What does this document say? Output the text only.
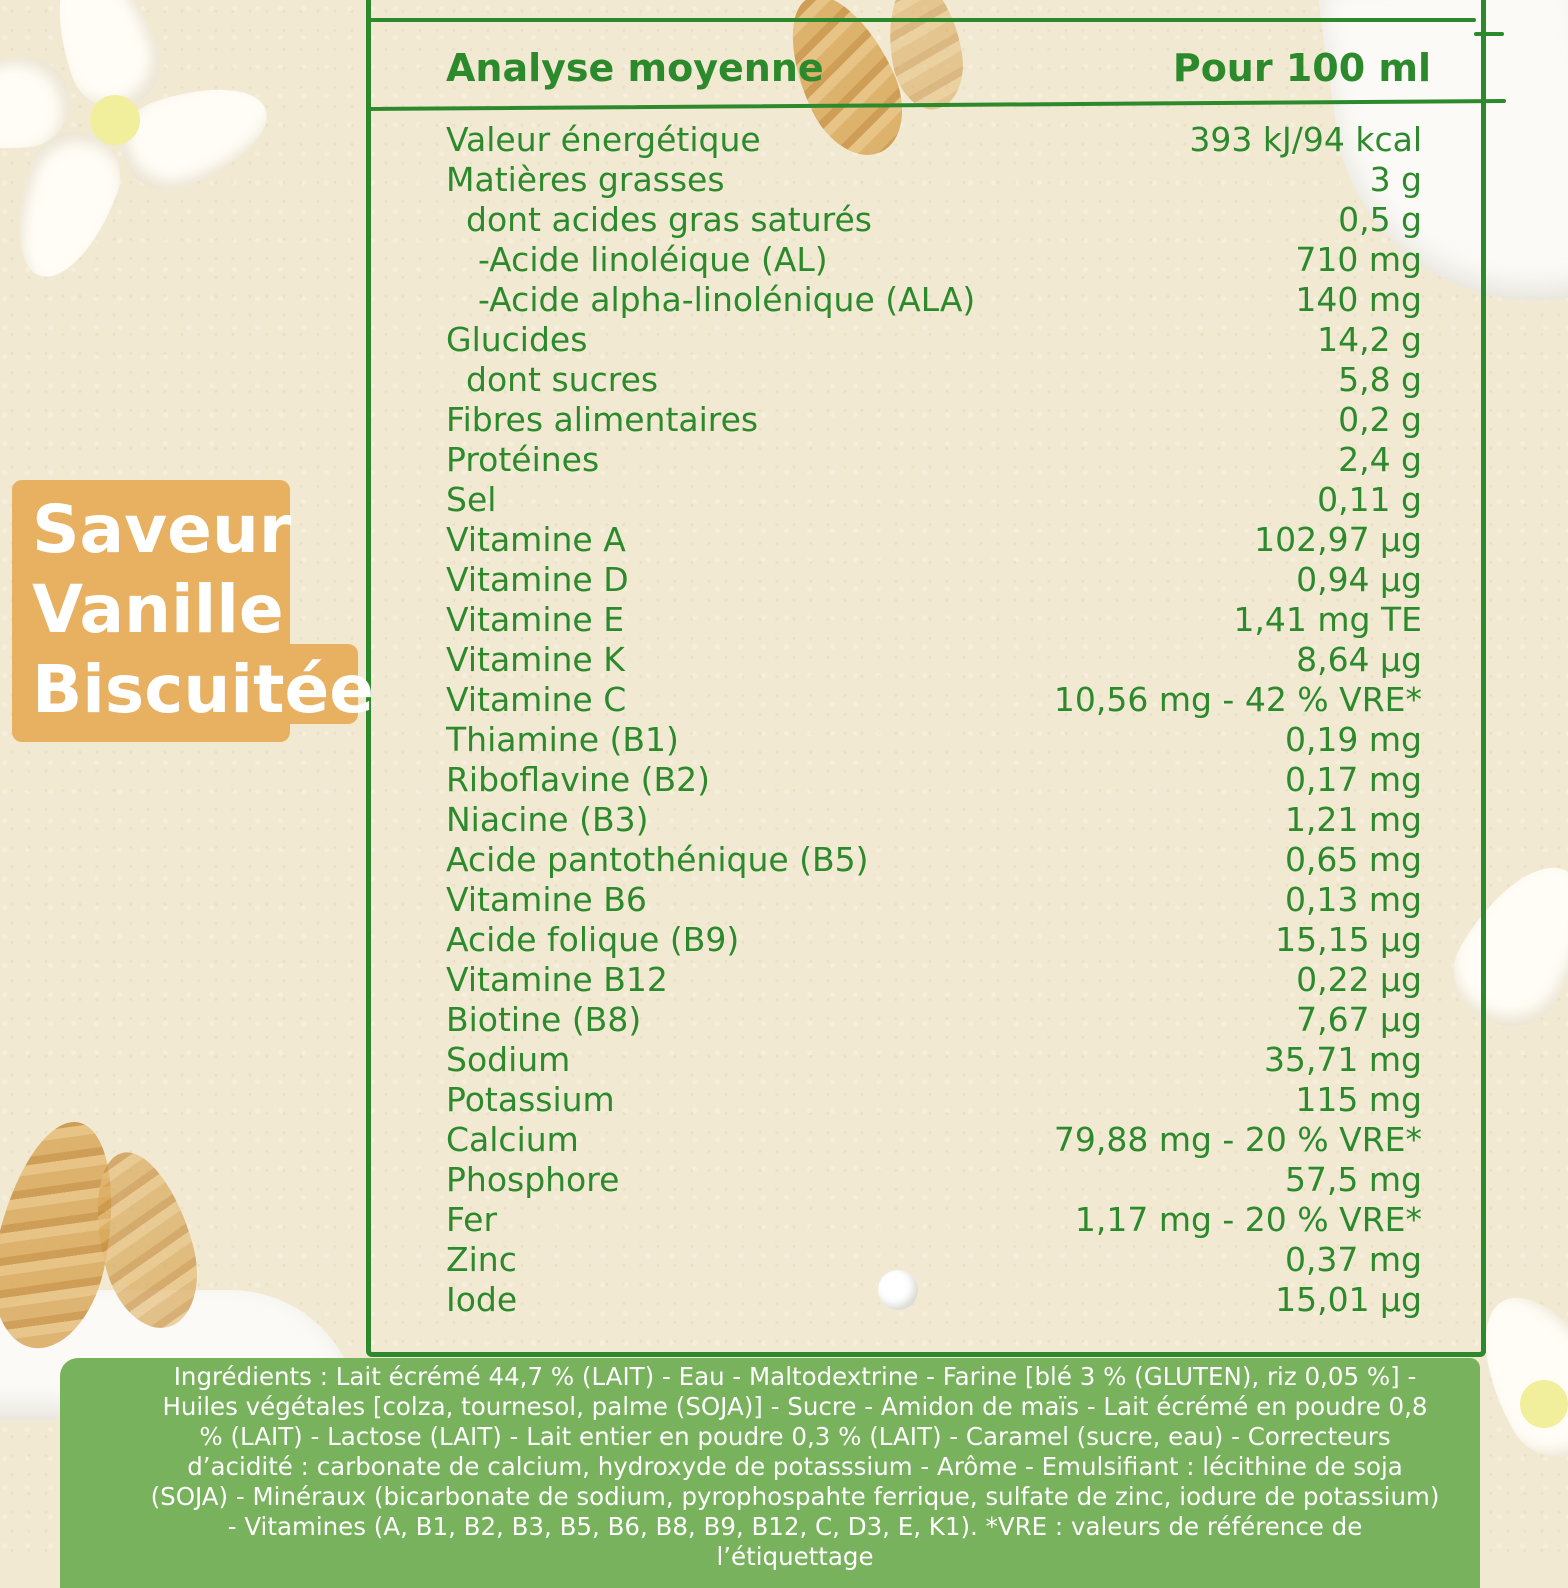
Analyse moyenne	Pour 100 ml
Valeur énergétique	393 kJ/94 kcal
Matières grasses	3 g
dont acides gras saturés	0,5 g
-Acide linoléique (AL)	710 mg
-Acide alpha-linolénique (ALA)	140 mg
Glucides	14,2 g
dont sucres	5,8 g
Fibres alimentaires	0,2 g
Protéines	2,4 g
Sel	0,11 g
Vitamine A	102,97 µg
Vitamine D	0,94 µg
Vitamine E	1,41 mg TE
Vitamine K	8,64 µg
Vitamine C	10,56 mg - 42 % VRE*
Thiamine (B1)	0,19 mg
Riboflavine (B2)	0,17 mg
Niacine (B3)	1,21 mg
Acide pantothénique (B5)	0,65 mg
Vitamine B6	0,13 mg
Acide folique (B9)	15,15 µg
Vitamine B12	0,22 µg
Biotine (B8)	7,67 µg
Sodium	35,71 mg
Potassium	115 mg
Calcium	79,88 mg - 20 % VRE*
Phosphore	57,5 mg
Fer	1,17 mg - 20 % VRE*
Zinc	0,37 mg
Iode	15,01 µg
Saveur
Vanille
Biscuitée
Ingrédients : Lait écrémé 44,7 % (LAIT) - Eau - Maltodextrine - Farine [blé 3 % (GLUTEN), riz 0,05 %] - Huiles végétales [colza, tournesol, palme (SOJA)] - Sucre - Amidon de maïs - Lait écrémé en poudre 0,8 % (LAIT) - Lactose (LAIT) - Lait entier en poudre 0,3 % (LAIT) - Caramel (sucre, eau) - Correcteurs d’acidité : carbonate de calcium, hydroxyde de potasssium - Arôme - Emulsifiant : lécithine de soja (SOJA) - Minéraux (bicarbonate de sodium, pyrophospahte ferrique, sulfate de zinc, iodure de potassium) - Vitamines (A, B1, B2, B3, B5, B6, B8, B9, B12, C, D3, E, K1). *VRE : valeurs de référence de l’étiquettage
